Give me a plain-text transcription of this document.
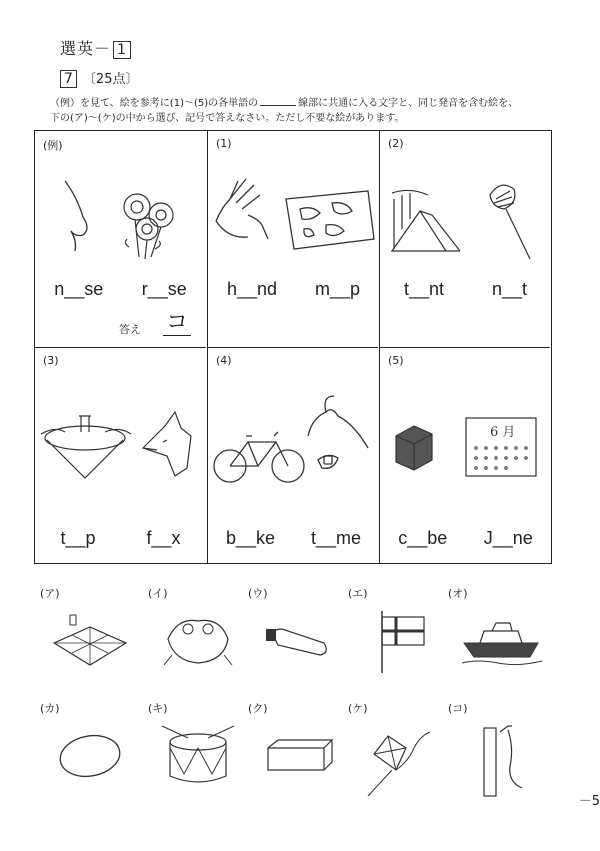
選英－ 1
7 〔25点〕
（例）を見て、絵を参考に(1)～(5)の各単語の	線部に共通に入る文字と、同じ発音を含む絵を、
下の(ア)～(ケ)の中から選び、記号で答えなさい。ただし不要な絵があります。
(例)
n__se r__se
答え コ
(1)
h__nd m__p
(2)
t__nt	n__t
(3)
t__p	f__x
(4)
b__ke t__me
(5)
6 月
c__be J__ne
(ア)	(イ)	(ウ)	(エ)	(オ)
(カ)	(キ)	(ク)	(ケ)	(コ)
－5
